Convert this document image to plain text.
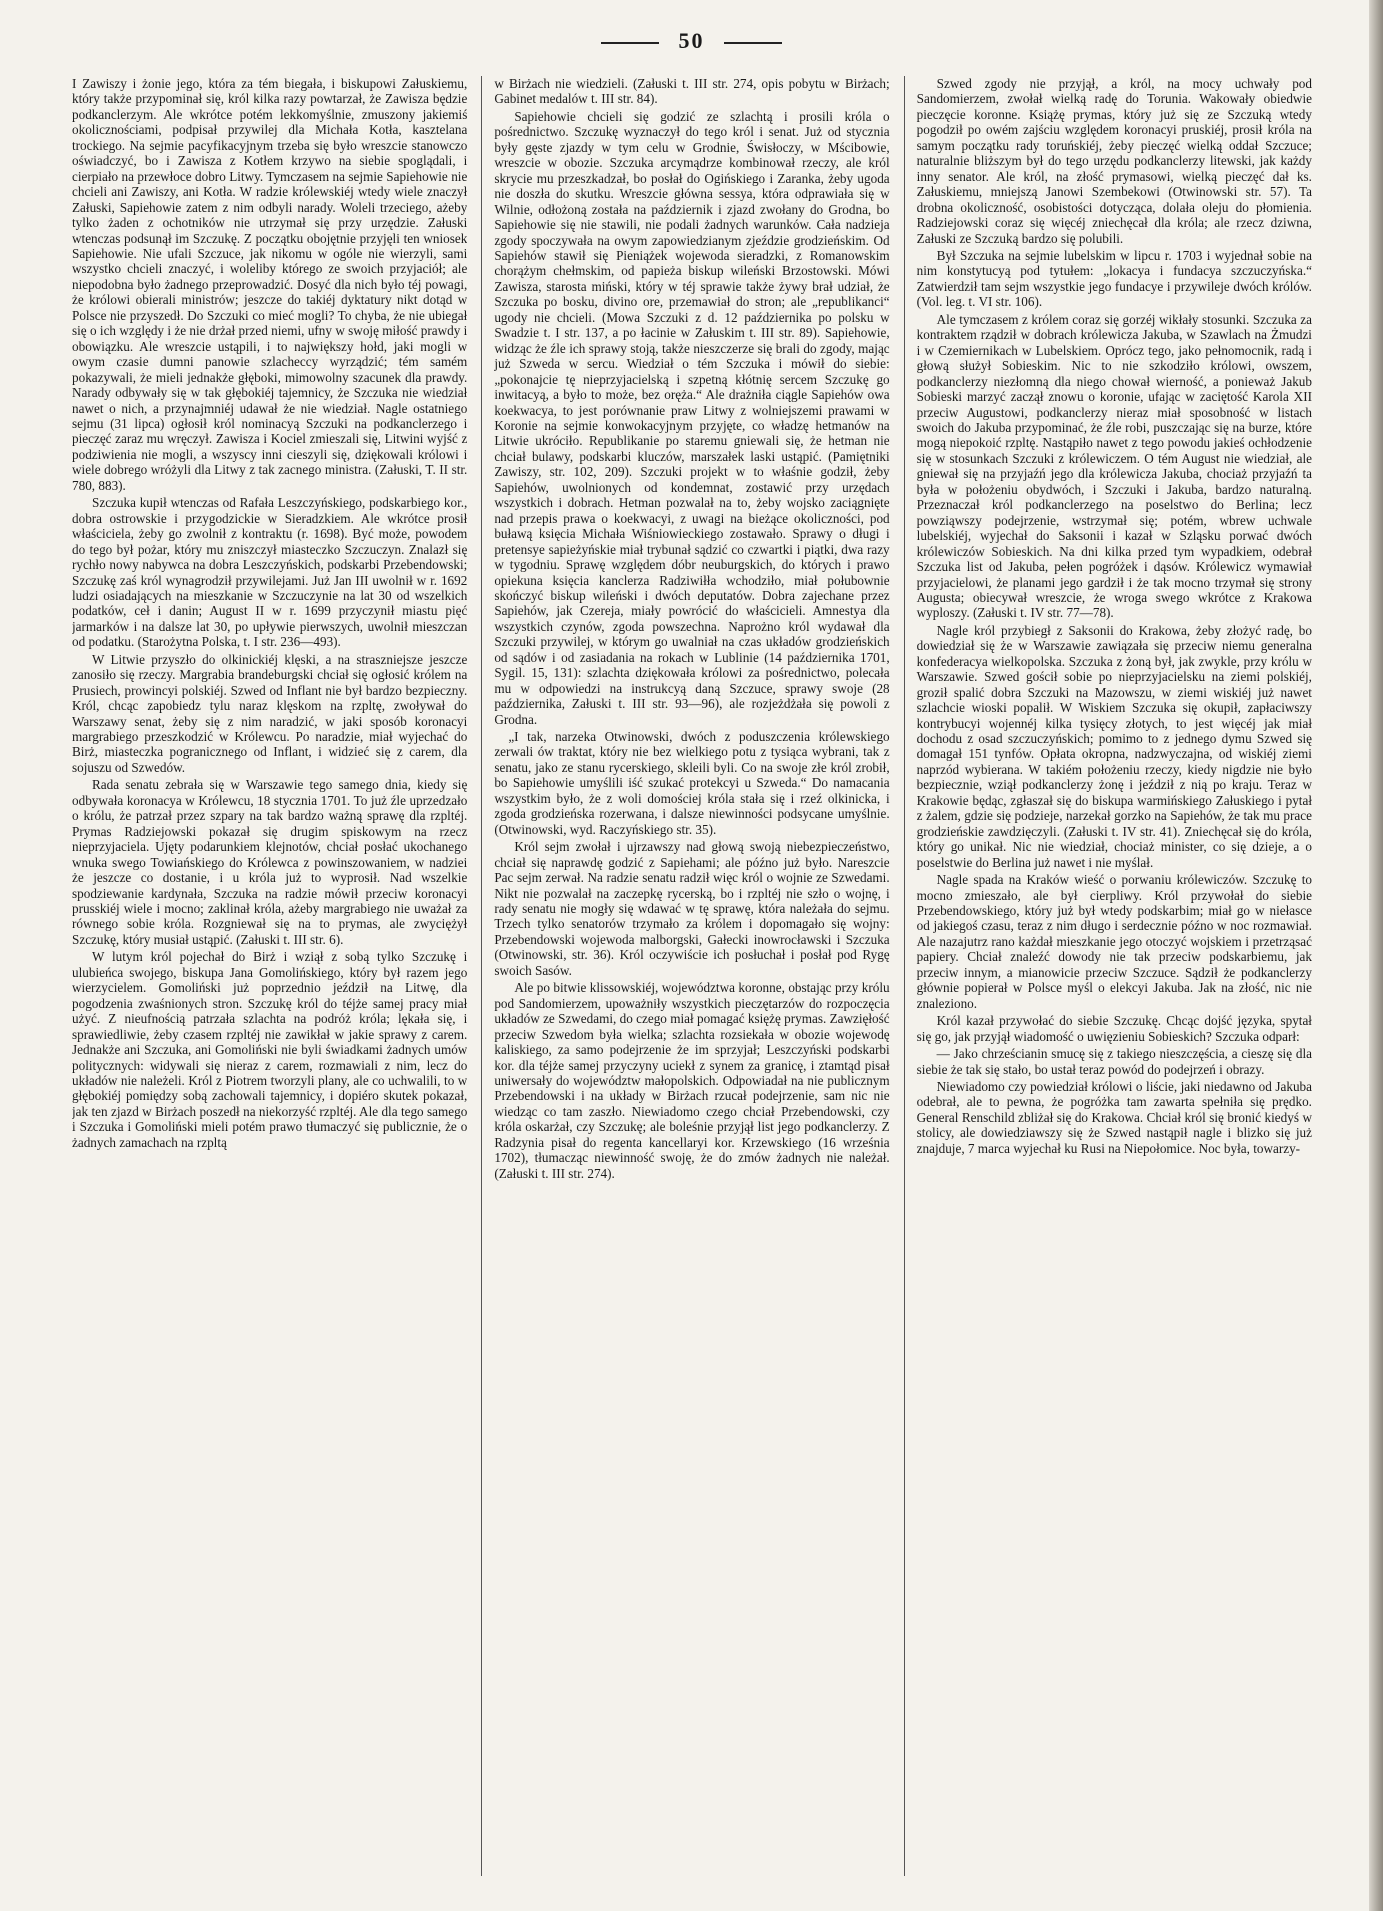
50

I Zawiszy i żonie jego, która za tém biegała, i biskupowi Załuskiemu, który także przypominał się, król kilka razy powtarzał, że Zawisza będzie podkanclerzym. Ale wkrótce potém lekkomyślnie, zmuszony jakiemiś okolicznościami, podpisał przywilej dla Michała Kotła, kasztelana trockiego. Na sejmie pacyfikacyjnym trzeba się było wreszcie stanowczo oświadczyć, bo i Zawisza z Kotłem krzywo na siebie spoglądali, i cierpiało na przewłoce dobro Litwy. Tymczasem na sejmie Sapiehowie nie chcieli ani Zawiszy, ani Kotła. W radzie królewskiéj wtedy wiele znaczył Załuski, Sapiehowie zatem z nim odbyli narady. Woleli trzeciego, ażeby tylko żaden z ochotników nie utrzymał się przy urzędzie. Załuski wtenczas podsunął im Szczukę. Z początku obojętnie przyjęli ten wniosek Sapiehowie. Nie ufali Szczuce, jak nikomu w ogóle nie wierzyli, sami wszystko chcieli znaczyć, i woleliby którego ze swoich przyjaciół; ale niepodobna było żadnego przeprowadzić. Dosyć dla nich było téj powagi, że królowi obierali ministrów; jeszcze do takiéj dyktatury nikt dotąd w Polsce nie przyszedł. Do Szczuki co mieć mogli? To chyba, że nie ubiegał się o ich względy i że nie drżał przed niemi, ufny w swoję miłość prawdy i obowiązku. Ale wreszcie ustąpili, i to największy hołd, jaki mogli w owym czasie dumni panowie szlacheccy wyrządzić; tém samém pokazywali, że mieli jednakże głęboki, mimowolny szacunek dla prawdy. Narady odbywały się w tak głębokiéj tajemnicy, że Szczuka nie wiedział nawet o nich, a przynajmniéj udawał że nie wiedział. Nagle ostatniego sejmu (31 lipca) ogłosił król nominacyą Szczuki na podkanclerzego i pieczęć zaraz mu wręczył. Zawisza i Kociel zmieszali się, Litwini wyjść z podziwienia nie mogli, a wszyscy inni cieszyli się, dziękowali królowi i wiele dobrego wróżyli dla Litwy z tak zacnego ministra. (Załuski, T. II str. 780, 883).

Szczuka kupił wtenczas od Rafała Leszczyńskiego, podskarbiego kor., dobra ostrowskie i przygodzickie w Sieradzkiem. Ale wkrótce prosił właściciela, żeby go zwolnił z kontraktu (r. 1698). Być może, powodem do tego był pożar, który mu zniszczył miasteczko Szczuczyn. Znalazł się rychło nowy nabywca na dobra Leszczyńskich, podskarbi Przebendowski; Szczukę zaś król wynagrodził przywilejami. Już Jan III uwolnił w r. 1692 ludzi osiadających na mieszkanie w Szczuczynie na lat 30 od wszelkich podatków, ceł i danin; August II w r. 1699 przyczynił miastu pięć jarmarków i na dalsze lat 30, po upływie pierwszych, uwolnił mieszczan od podatku. (Starożytna Polska, t. I str. 236—493).

W Litwie przyszło do olkinickiéj klęski, a na straszniejsze jeszcze zanosiło się rzeczy. Margrabia brandeburgski chciał się ogłosić królem na Prusiech, prowincyi polskiéj. Szwed od Inflant nie był bardzo bezpieczny. Król, chcąc zapobiedz tylu naraz klęskom na rzpltę, zwoływał do Warszawy senat, żeby się z nim naradzić, w jaki sposób koronacyi margrabiego przeszkodzić w Królewcu. Po naradzie, miał wyjechać do Birż, miasteczka pogranicznego od Inflant, i widzieć się z carem, dla sojuszu od Szwedów.

Rada senatu zebrała się w Warszawie tego samego dnia, kiedy się odbywała koronacya w Królewcu, 18 stycznia 1701. To już źle uprzedzało o królu, że patrzał przez szpary na tak bardzo ważną sprawę dla rzpltéj. Prymas Radziejowski pokazał się drugim spiskowym na rzecz nieprzyjaciela. Ujęty podarunkiem klejnotów, chciał posłać ukochanego wnuka swego Towiańskiego do Królewca z powinszowaniem, w nadziei że jeszcze co dostanie, i u króla już to wyprosił. Nad wszelkie spodziewanie kardynała, Szczuka na radzie mówił przeciw koronacyi prusskiéj wiele i mocno; zaklinał króla, ażeby margrabiego nie uważał za równego sobie króla. Rozgniewał się na to prymas, ale zwyciężył Szczukę, który musiał ustąpić. (Załuski t. III str. 6).

W lutym król pojechał do Birż i wziął z sobą tylko Szczukę i ulubieńca swojego, biskupa Jana Gomolińskiego, który był razem jego wierzycielem. Gomoliński już poprzednio jeździł na Litwę, dla pogodzenia zwaśnionych stron. Szczukę król do téjże samej pracy miał użyć. Z nieufnością patrzała szlachta na podróż króla; lękała się, i sprawiedliwie, żeby czasem rzpltéj nie zawikłał w jakie sprawy z carem. Jednakże ani Szczuka, ani Gomoliński nie byli świadkami żadnych umów politycznych: widywali się nieraz z carem, rozmawiali z nim, lecz do układów nie należeli. Król z Piotrem tworzyli plany, ale co uchwalili, to w głębokiéj pomiędzy sobą zachowali tajemnicy, i dopiéro skutek pokazał, jak ten zjazd w Birżach poszedł na niekorzyść rzpltéj. Ale dla tego samego i Szczuka i Gomoliński mieli potém prawo tłumaczyć się publicznie, że o żadnych zamachach na rzpltą

w Birżach nie wiedzieli. (Załuski t. III str. 274, opis pobytu w Birżach; Gabinet medalów t. III str. 84).

Sapiehowie chcieli się godzić ze szlachtą i prosili króla o pośrednictwo. Szczukę wyznaczył do tego król i senat. Już od stycznia były gęste zjazdy w tym celu w Grodnie, Świsłoczy, w Mścibowie, wreszcie w obozie. Szczuka arcymądrze kombinował rzeczy, ale król skrycie mu przeszkadzał, bo posłał do Ogińskiego i Zaranka, żeby ugoda nie doszła do skutku. Wreszcie główna sessya, która odprawiała się w Wilnie, odłożoną została na październik i zjazd zwołany do Grodna, bo Sapiehowie się nie stawili, nie podali żadnych warunków. Cała nadzieja zgody spoczywała na owym zapowiedzianym zjeździe grodzieńskim. Od Sapiehów stawił się Pieniążek wojewoda sieradzki, z Romanowskim chorążym chełmskim, od papieża biskup wileński Brzostowski. Mówi Zawisza, starosta miński, który w téj sprawie także żywy brał udział, że Szczuka po bosku, divino ore, przemawiał do stron; ale „republikanci“ ugody nie chcieli. (Mowa Szczuki z d. 12 października po polsku w Swadzie t. I str. 137, a po łacinie w Załuskim t. III str. 89). Sapiehowie, widząc że źle ich sprawy stoją, także nieszczerze się brali do zgody, mając już Szweda w sercu. Wiedział o tém Szczuka i mówił do siebie: „pokonajcie tę nieprzyjacielską i szpetną kłótnię sercem Szczukę go inwitacyą, a było to może, bez oręża.“ Ale drażniła ciągle Sapiehów owa koekwacya, to jest porównanie praw Litwy z wolniejszemi prawami w Koronie na sejmie konwokacyjnym przyjęte, co władzę hetmanów na Litwie ukróciło. Republikanie po staremu gniewali się, że hetman nie chciał bulawy, podskarbi kluczów, marszałek laski ustąpić. (Pamiętniki Zawiszy, str. 102, 209). Szczuki projekt w to właśnie godził, żeby Sapiehów, uwolnionych od kondemnat, zostawić przy urzędach wszystkich i dobrach. Hetman pozwalał na to, żeby wojsko zaciągnięte nad przepis prawa o koekwacyi, z uwagi na bieżące okoliczności, pod buławą księcia Michała Wiśniowieckiego zostawało. Sprawy o długi i pretensye sapieżyńskie miał trybunał sądzić co czwartki i piątki, dwa razy w tygodniu. Sprawę względem dóbr neuburgskich, do których i prawo opiekuna księcia kanclerza Radziwiłła wchodziło, miał połubownie skończyć biskup wileński i dwóch deputatów. Dobra zajechane przez Sapiehów, jak Czereja, miały powrócić do właścicieli. Amnestya dla wszystkich czynów, zgoda powszechna. Naprożno król wydawał dla Szczuki przywilej, w którym go uwalniał na czas układów grodzieńskich od sądów i od zasiadania na rokach w Lublinie (14 października 1701, Sygil. 15, 131): szlachta dziękowała królowi za pośrednictwo, polecała mu w odpowiedzi na instrukcyą daną Szczuce, sprawy swoje (28 października, Załuski t. III str. 93—96), ale rozjeżdżała się powoli z Grodna.

„I tak, narzeka Otwinowski, dwóch z poduszczenia królewskiego zerwali ów traktat, który nie bez wielkiego potu z tysiąca wybrani, tak z senatu, jako ze stanu rycerskiego, skleili byli. Co na swoje złe król zrobił, bo Sapiehowie umyślili iść szukać protekcyi u Szweda.“ Do namacania wszystkim było, że z woli domościej króla stała się i rzeź olkinicka, i zgoda grodzieńska rozerwana, i dalsze niewinności podsycane umyślnie. (Otwinowski, wyd. Raczyńskiego str. 35).

Król sejm zwołał i ujrzawszy nad głową swoją niebezpieczeństwo, chciał się naprawdę godzić z Sapiehami; ale późno już było. Nareszcie Pac sejm zerwał. Na radzie senatu radził więc król o wojnie ze Szwedami. Nikt nie pozwalał na zaczepkę rycerską, bo i rzpltéj nie szło o wojnę, i rady senatu nie mogły się wdawać w tę sprawę, która należała do sejmu. Trzech tylko senatorów trzymało za królem i dopomagało się wojny: Przebendowski wojewoda malborgski, Gałecki inowrocławski i Szczuka (Otwinowski, str. 36). Król oczywiście ich posłuchał i posłał pod Rygę swoich Sasów.

Ale po bitwie klissowskiéj, województwa koronne, obstając przy królu pod Sandomierzem, upoważniły wszystkich pieczętarzów do rozpoczęcia układów ze Szwedami, do czego miał pomagać księżę prymas. Zawzięłość przeciw Szwedom była wielka; szlachta rozsiekała w obozie wojewodę kaliskiego, za samo podejrzenie że im sprzyjał; Leszczyński podskarbi kor. dla téjże samej przyczyny uciekł z synem za granicę, i ztamtąd pisał uniwersały do województw małopolskich. Odpowiadał na nie publicznym Przebendowski i na układy w Birżach rzucał podejrzenie, sam nic nie wiedząc co tam zaszło. Niewiadomo czego chciał Przebendowski, czy króla oskarżał, czy Szczukę; ale boleśnie przyjął list jego podkanclerzy. Z Radzynia pisał do regenta kancellaryi kor. Krzewskiego (16 września 1702), tłumacząc niewinność swoję, że do zmów żadnych nie należał. (Załuski t. III str. 274).

Szwed zgody nie przyjął, a król, na mocy uchwały pod Sandomierzem, zwołał wielką radę do Torunia. Wakowały obiedwie pieczęcie koronne. Książę prymas, który już się ze Szczuką wtedy pogodził po owém zajściu względem koronacyi pruskiéj, prosił króla na samym początku rady toruńskiéj, żeby pieczęć wielką oddał Szczuce; naturalnie bliższym był do tego urzędu podkanclerzy litewski, jak każdy inny senator. Ale król, na złość prymasowi, wielką pieczęć dał ks. Załuskiemu, mniejszą Janowi Szembekowi (Otwinowski str. 57). Ta drobna okoliczność, osobistości dotycząca, dolała oleju do płomienia. Radziejowski coraz się więcéj zniechęcał dla króla; ale rzecz dziwna, Załuski ze Szczuką bardzo się polubili.

Był Szczuka na sejmie lubelskim w lipcu r. 1703 i wyjednał sobie na nim konstytucyą pod tytułem: „lokacya i fundacya szczuczyńska.“ Zatwierdził tam sejm wszystkie jego fundacye i przywileje dwóch królów. (Vol. leg. t. VI str. 106).

Ale tymczasem z królem coraz się gorzéj wikłały stosunki. Szczuka za kontraktem rządził w dobrach królewicza Jakuba, w Szawlach na Żmudzi i w Czemiernikach w Lubelskiem. Oprócz tego, jako pełnomocnik, radą i głową służył Sobieskim. Nic to nie szkodziło królowi, owszem, podkanclerzy niezłomną dla niego chował wierność, a ponieważ Jakub Sobieski marzyć zaczął znowu o koronie, ufając w zaciętość Karola XII przeciw Augustowi, podkanclerzy nieraz miał sposobność w listach swoich do Jakuba przypominać, że źle robi, puszczając się na burze, które mogą niepokoić rzpltę. Nastąpiło nawet z tego powodu jakieś ochłodzenie się w stosunkach Szczuki z królewiczem. O tém August nie wiedział, ale gniewał się na przyjaźń jego dla królewicza Jakuba, chociaż przyjaźń ta była w położeniu obydwóch, i Szczuki i Jakuba, bardzo naturalną. Przeznaczał król podkanclerzego na poselstwo do Berlina; lecz powziąwszy podejrzenie, wstrzymał się; potém, wbrew uchwale lubelskiéj, wyjechał do Saksonii i kazał w Szląsku porwać dwóch królewiczów Sobieskich. Na dni kilka przed tym wypadkiem, odebrał Szczuka list od Jakuba, pełen pogróżek i dąsów. Królewicz wymawiał przyjacielowi, że planami jego gardził i że tak mocno trzymał się strony Augusta; obiecywał wreszcie, że wroga swego wkrótce z Krakowa wyploszy. (Załuski t. IV str. 77—78).

Nagle król przybiegł z Saksonii do Krakowa, żeby złożyć radę, bo dowiedział się że w Warszawie zawiązała się przeciw niemu generalna konfederacya wielkopolska. Szczuka z żoną był, jak zwykle, przy królu w Warszawie. Szwed gościł sobie po nieprzyjacielsku na ziemi polskiéj, groził spalić dobra Szczuki na Mazowszu, w ziemi wiskiéj już nawet szlachcie wioski popalił. W Wiskiem Szczuka się okupił, zapłaciwszy kontrybucyi wojennéj kilka tysięcy złotych, to jest więcéj jak miał dochodu z osad szczuczyńskich; pomimo to z jednego dymu Szwed się domagał 151 tynfów. Opłata okropna, nadzwyczajna, od wiskiéj ziemi naprzód wybierana. W takiém położeniu rzeczy, kiedy nigdzie nie było bezpiecznie, wziął podkanclerzy żonę i jeździł z nią po kraju. Teraz w Krakowie będąc, zgłaszał się do biskupa warmińskiego Załuskiego i pytał z żalem, gdzie się podzieje, narzekał gorzko na Sapiehów, że tak mu prace grodzieńskie zawdzięczyli. (Załuski t. IV str. 41). Zniechęcał się do króla, który go unikał. Nic nie wiedział, chociaż minister, co się dzieje, a o poselstwie do Berlina już nawet i nie myślał.

Nagle spada na Kraków wieść o porwaniu królewiczów. Szczukę to mocno zmieszało, ale był cierpliwy. Król przywołał do siebie Przebendowskiego, który już był wtedy podskarbim; miał go w niełasce od jakiegoś czasu, teraz z nim długo i serdecznie późno w noc rozmawiał. Ale nazajutrz rano każdał mieszkanie jego otoczyć wojskiem i przetrząsać papiery. Chciał znaleźć dowody nie tak przeciw podskarbiemu, jak przeciw innym, a mianowicie przeciw Szczuce. Sądził że podkanclerzy głównie popierał w Polsce myśl o elekcyi Jakuba. Jak na złość, nic nie znaleziono.

Król kazał przywołać do siebie Szczukę. Chcąc dojść języka, spytał się go, jak przyjął wiadomość o uwięzieniu Sobieskich? Szczuka odparł:

— Jako chrześcianin smucę się z takiego nieszczęścia, a cieszę się dla siebie że tak się stało, bo ustał teraz powód do podejrzeń i obrazy.

Niewiadomo czy powiedział królowi o liście, jaki niedawno od Jakuba odebrał, ale to pewna, że pogróżka tam zawarta spełniła się prędko. General Renschild zbliżał się do Krakowa. Chciał król się bronić kiedyś w stolicy, ale dowiedziawszy się że Szwed nastąpił nagle i blizko się już znajduje, 7 marca wyjechał ku Rusi na Niepołomice. Noc była, towarzy-
